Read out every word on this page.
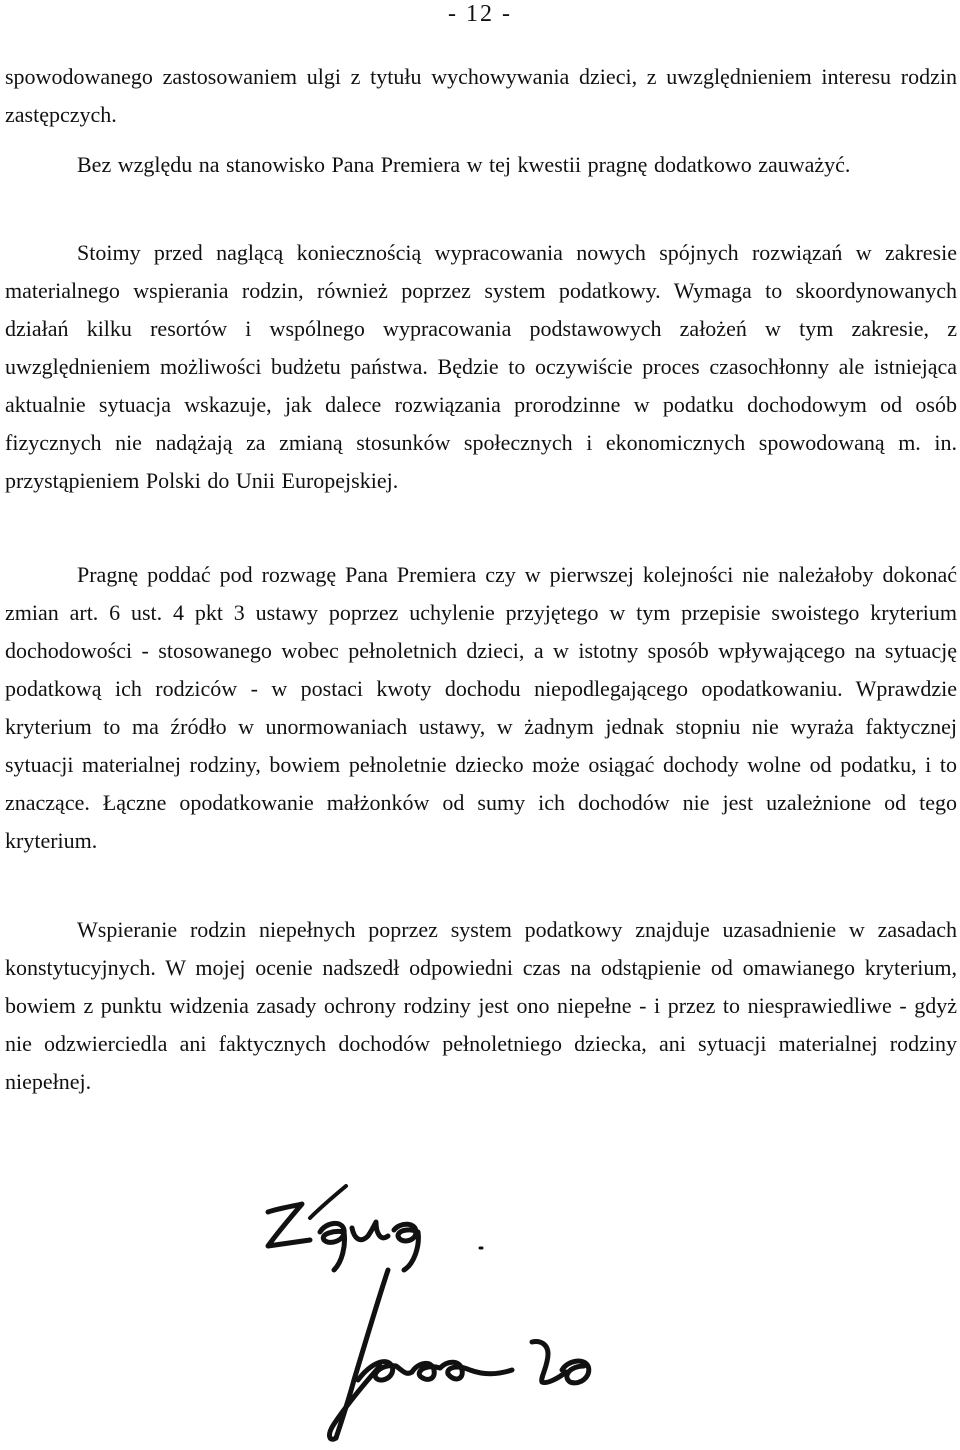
- 12 -

spowodowanego zastosowaniem ulgi z tytułu wychowywania dzieci, z uwzględnieniem interesu rodzin zastępczych.

Bez względu na stanowisko Pana Premiera w tej kwestii pragnę dodatkowo zauważyć.

Stoimy przed naglącą koniecznością wypracowania nowych spójnych rozwiązań w zakresie materialnego wspierania rodzin, również poprzez system podatkowy. Wymaga to skoordynowanych działań kilku resortów i wspólnego wypracowania podstawowych założeń w tym zakresie, z uwzględnieniem możliwości budżetu państwa. Będzie to oczywiście proces czasochłonny ale istniejąca aktualnie sytuacja wskazuje, jak dalece rozwiązania prorodzinne w podatku dochodowym od osób fizycznych nie nadążają za zmianą stosunków społecznych i ekonomicznych spowodowaną m. in. przystąpieniem Polski do Unii Europejskiej.

Pragnę poddać pod rozwagę Pana Premiera czy w pierwszej kolejności nie należałoby dokonać zmian art. 6 ust. 4 pkt 3 ustawy poprzez uchylenie przyjętego w tym przepisie swoistego kryterium dochodowości - stosowanego wobec pełnoletnich dzieci, a w istotny sposób wpływającego na sytuację podatkową ich rodziców - w postaci kwoty dochodu niepodlegającego opodatkowaniu. Wprawdzie kryterium to ma źródło w unormowaniach ustawy, w żadnym jednak stopniu nie wyraża faktycznej sytuacji materialnej rodziny, bowiem pełnoletnie dziecko może osiągać dochody wolne od podatku, i to znaczące. Łączne opodatkowanie małżonków od sumy ich dochodów nie jest uzależnione od tego kryterium.

Wspieranie rodzin niepełnych poprzez system podatkowy znajduje uzasadnienie w zasadach konstytucyjnych. W mojej ocenie nadszedł odpowiedni czas na odstąpienie od omawianego kryterium, bowiem z punktu widzenia zasady ochrony rodziny jest ono niepełne - i przez to niesprawiedliwe - gdyż nie odzwierciedla ani faktycznych dochodów pełnoletniego dziecka, ani sytuacji materialnej rodziny niepełnej.
